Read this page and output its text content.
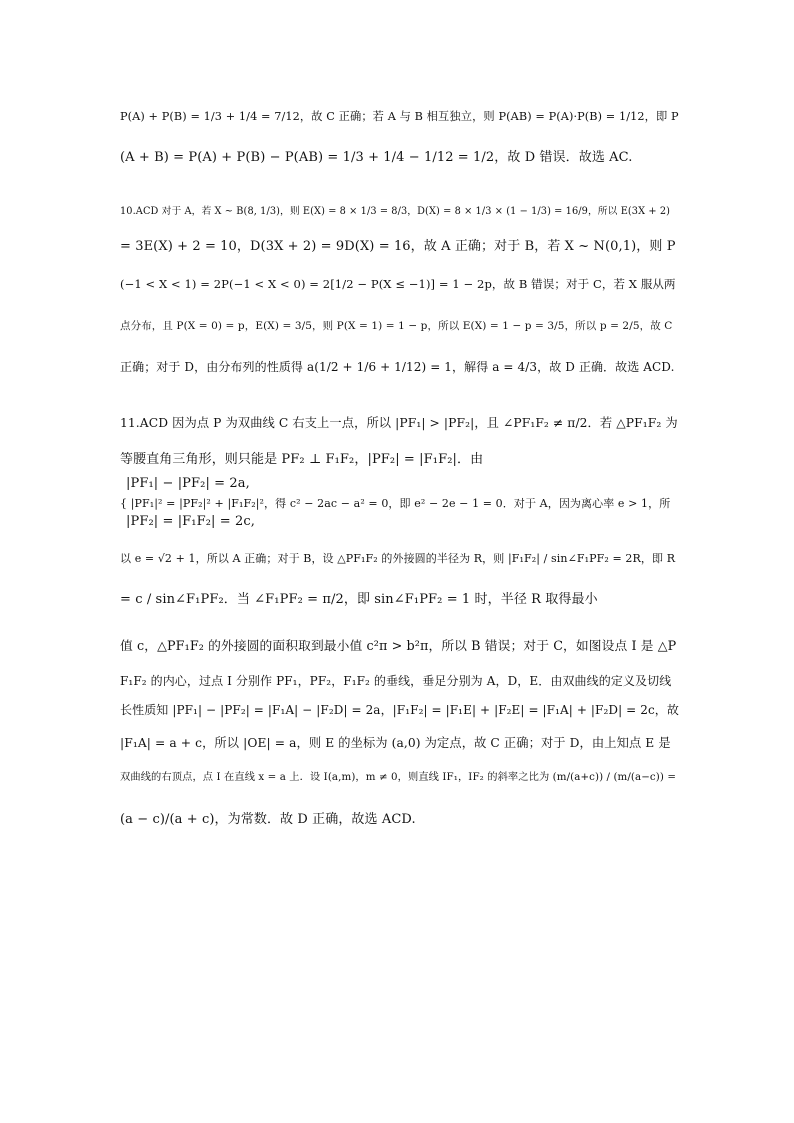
P(A) + P(B) = 1/3 + 1/4 = 7/12，故 C 正确；若 A 与 B 相互独立，则 P(AB) = P(A)·P(B) = 1/12，即 P
(A + B) = P(A) + P(B) − P(AB) = 1/3 + 1/4 − 1/12 = 1/2，故 D 错误．故选 AC.
10.ACD 对于 A，若 X ~ B(8, 1/3)，则 E(X) = 8 × 1/3 = 8/3，D(X) = 8 × 1/3 × (1 − 1/3) = 16/9，所以 E(3X + 2)
= 3E(X) + 2 = 10，D(3X + 2) = 9D(X) = 16，故 A 正确；对于 B，若 X ~ N(0,1)，则 P
(−1 < X < 1) = 2P(−1 < X < 0) = 2[1/2 − P(X ≤ −1)] = 1 − 2p，故 B 错误；对于 C，若 X 服从两
点分布，且 P(X = 0) = p，E(X) = 3/5，则 P(X = 1) = 1 − p，所以 E(X) = 1 − p = 3/5，所以 p = 2/5，故 C
正确；对于 D，由分布列的性质得 a(1/2 + 1/6 + 1/12) = 1，解得 a = 4/3，故 D 正确．故选 ACD.
11.ACD 因为点 P 为双曲线 C 右支上一点，所以 |PF₁| > |PF₂|，且 ∠PF₁F₂ ≠ π/2．若 △PF₁F₂ 为
等腰直角三角形，则只能是 PF₂ ⊥ F₁F₂，|PF₂| = |F₁F₂|．由
|PF₁| − |PF₂| = 2a,
{ |PF₁|² = |PF₂|² + |F₁F₂|²，得 c² − 2ac − a² = 0，即 e² − 2e − 1 = 0．对于 A，因为离心率 e > 1，所
|PF₂| = |F₁F₂| = 2c,
以 e = √2 + 1，所以 A 正确；对于 B，设 △PF₁F₂ 的外接圆的半径为 R，则 |F₁F₂| / sin∠F₁PF₂ = 2R，即 R
= c / sin∠F₁PF₂．当 ∠F₁PF₂ = π/2，即 sin∠F₁PF₂ = 1 时，半径 R 取得最小
值 c，△PF₁F₂ 的外接圆的面积取到最小值 c²π > b²π，所以 B 错误；对于 C，如图设点 I 是 △P
F₁F₂ 的内心，过点 I 分别作 PF₁，PF₂，F₁F₂ 的垂线，垂足分别为 A，D，E．由双曲线的定义及切线
长性质知 |PF₁| − |PF₂| = |F₁A| − |F₂D| = 2a，|F₁F₂| = |F₁E| + |F₂E| = |F₁A| + |F₂D| = 2c，故
|F₁A| = a + c，所以 |OE| = a，则 E 的坐标为 (a,0) 为定点，故 C 正确；对于 D，由上知点 E 是
双曲线的右顶点，点 I 在直线 x = a 上．设 I(a,m)，m ≠ 0，则直线 IF₁，IF₂ 的斜率之比为 (m/(a+c)) / (m/(a−c)) =
(a − c)/(a + c)，为常数．故 D 正确，故选 ACD.
